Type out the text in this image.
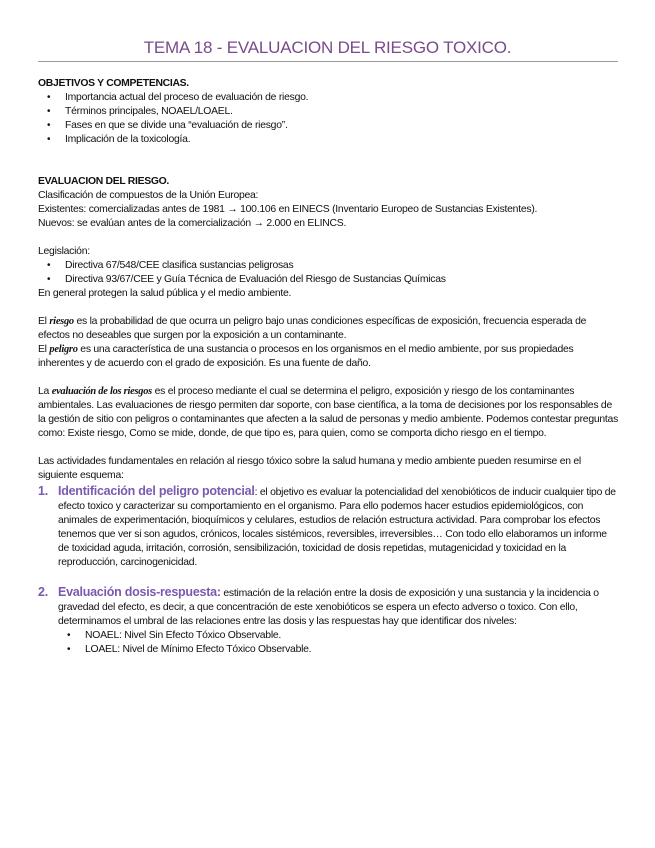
TEMA 18 - EVALUACION DEL RIESGO TOXICO.

OBJETIVOS Y COMPETENCIAS.

• Importancia actual del proceso de evaluación de riesgo.
• Términos principales, NOAEL/LOAEL.
• Fases en que se divide una “evaluación de riesgo”.
• Implicación de la toxicología.

EVALUACION DEL RIESGO.

Clasificación de compuestos de la Unión Europea:

Existentes: comercializadas antes de 1981 → 100.106 en EINECS (Inventario Europeo de Sustancias Existentes).

Nuevos: se evalúan antes de la comercialización → 2.000 en ELINCS.

Legislación:

• Directiva 67/548/CEE clasifica sustancias peligrosas
• Directiva 93/67/CEE y Guía Técnica de Evaluación del Riesgo de Sustancias Químicas

En general protegen la salud pública y el medio ambiente.

El riesgo es la probabilidad de que ocurra un peligro bajo unas condiciones específicas de exposición, frecuencia esperada de efectos no deseables que surgen por la exposición a un contaminante.

El peligro es una característica de una sustancia o procesos en los organismos en el medio ambiente, por sus propiedades inherentes y de acuerdo con el grado de exposición. Es una fuente de daño.

La evaluación de los riesgos es el proceso mediante el cual se determina el peligro, exposición y riesgo de los contaminantes ambientales. Las evaluaciones de riesgo permiten dar soporte, con base científica, a la toma de decisiones por los responsables de la gestión de sitio con peligros o contaminantes que afecten a la salud de personas y medio ambiente. Podemos contestar preguntas como: Existe riesgo, Como se mide, donde, de que tipo es, para quien, como se comporta dicho riesgo en el tiempo.

Las actividades fundamentales en relación al riesgo tóxico sobre la salud humana y medio ambiente pueden resumirse en el siguiente esquema:

1. Identificación del peligro potencial: el objetivo es evaluar la potencialidad del xenobióticos de inducir cualquier tipo de efecto toxico y caracterizar su comportamiento en el organismo. Para ello podemos hacer estudios epidemiológicos, con animales de experimentación, bioquímicos y celulares, estudios de relación estructura actividad. Para comprobar los efectos tenemos que ver si son agudos, crónicos, locales sistémicos, reversibles, irreversibles… Con todo ello elaboramos un informe de toxicidad aguda, irritación, corrosión, sensibilización, toxicidad de dosis repetidas, mutagenicidad y toxicidad en la reproducción, carcinogenicidad.
2. Evaluación dosis-respuesta: estimación de la relación entre la dosis de exposición y una sustancia y la incidencia o gravedad del efecto, es decir, a que concentración de este xenobióticos se espera un efecto adverso o toxico. Con ello, determinamos el umbral de las relaciones entre las dosis y las respuestas hay que identificar dos niveles:
• NOAEL: Nivel Sin Efecto Tóxico Observable.
• LOAEL: Nivel de Mínimo Efecto Tóxico Observable.
